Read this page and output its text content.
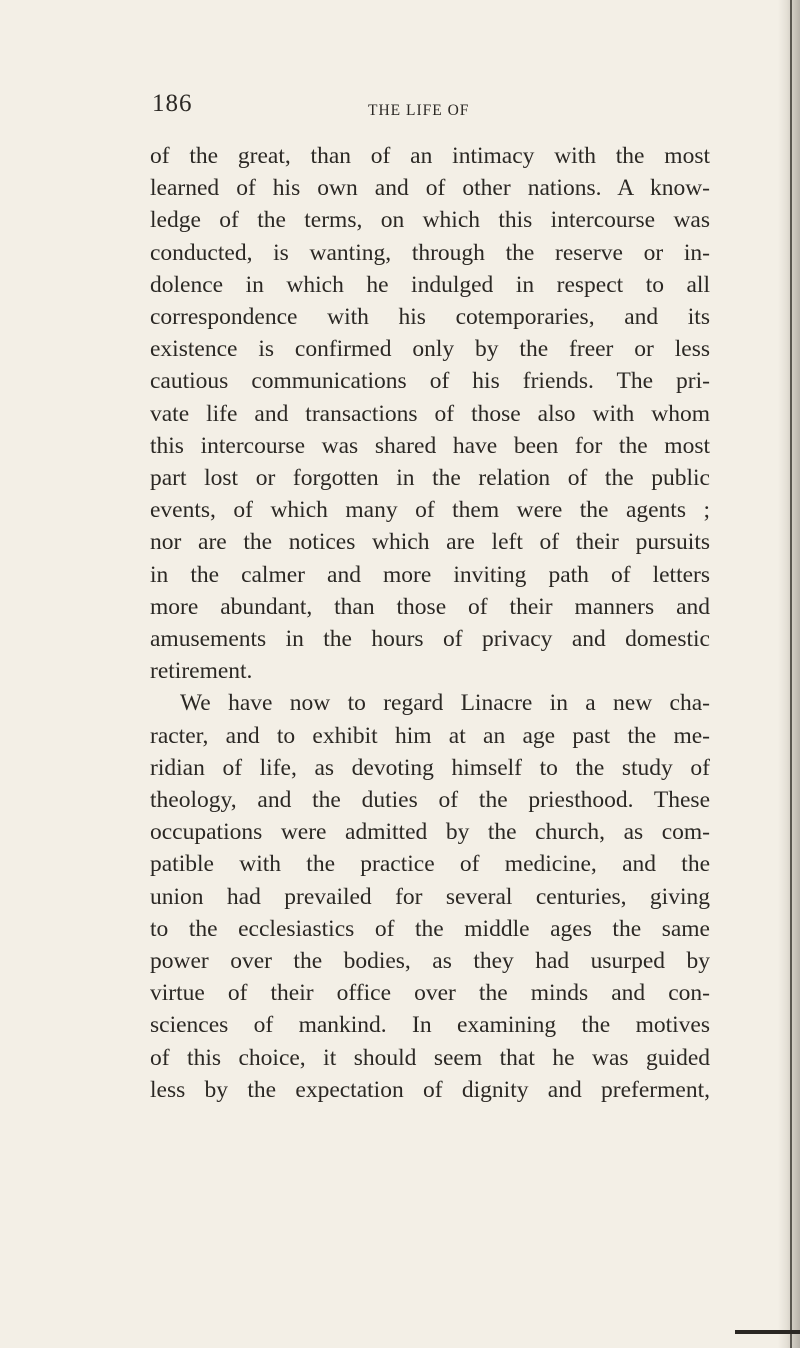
186	THE LIFE OF
of the great, than of an intimacy with the most
learned of his own and of other nations. A know-
ledge of the terms, on which this intercourse was
conducted, is wanting, through the reserve or in-
dolence in which he indulged in respect to all
correspondence with his cotemporaries, and its
existence is confirmed only by the freer or less
cautious communications of his friends. The pri-
vate life and transactions of those also with whom
this intercourse was shared have been for the most
part lost or forgotten in the relation of the public
events, of which many of them were the agents ;
nor are the notices which are left of their pursuits
in the calmer and more inviting path of letters
more abundant, than those of their manners and
amusements in the hours of privacy and domestic
retirement.
We have now to regard Linacre in a new cha-
racter, and to exhibit him at an age past the me-
ridian of life, as devoting himself to the study of
theology, and the duties of the priesthood. These
occupations were admitted by the church, as com-
patible with the practice of medicine, and the
union had prevailed for several centuries, giving
to the ecclesiastics of the middle ages the same
power over the bodies, as they had usurped by
virtue of their office over the minds and con-
sciences of mankind. In examining the motives
of this choice, it should seem that he was guided
less by the expectation of dignity and preferment,
